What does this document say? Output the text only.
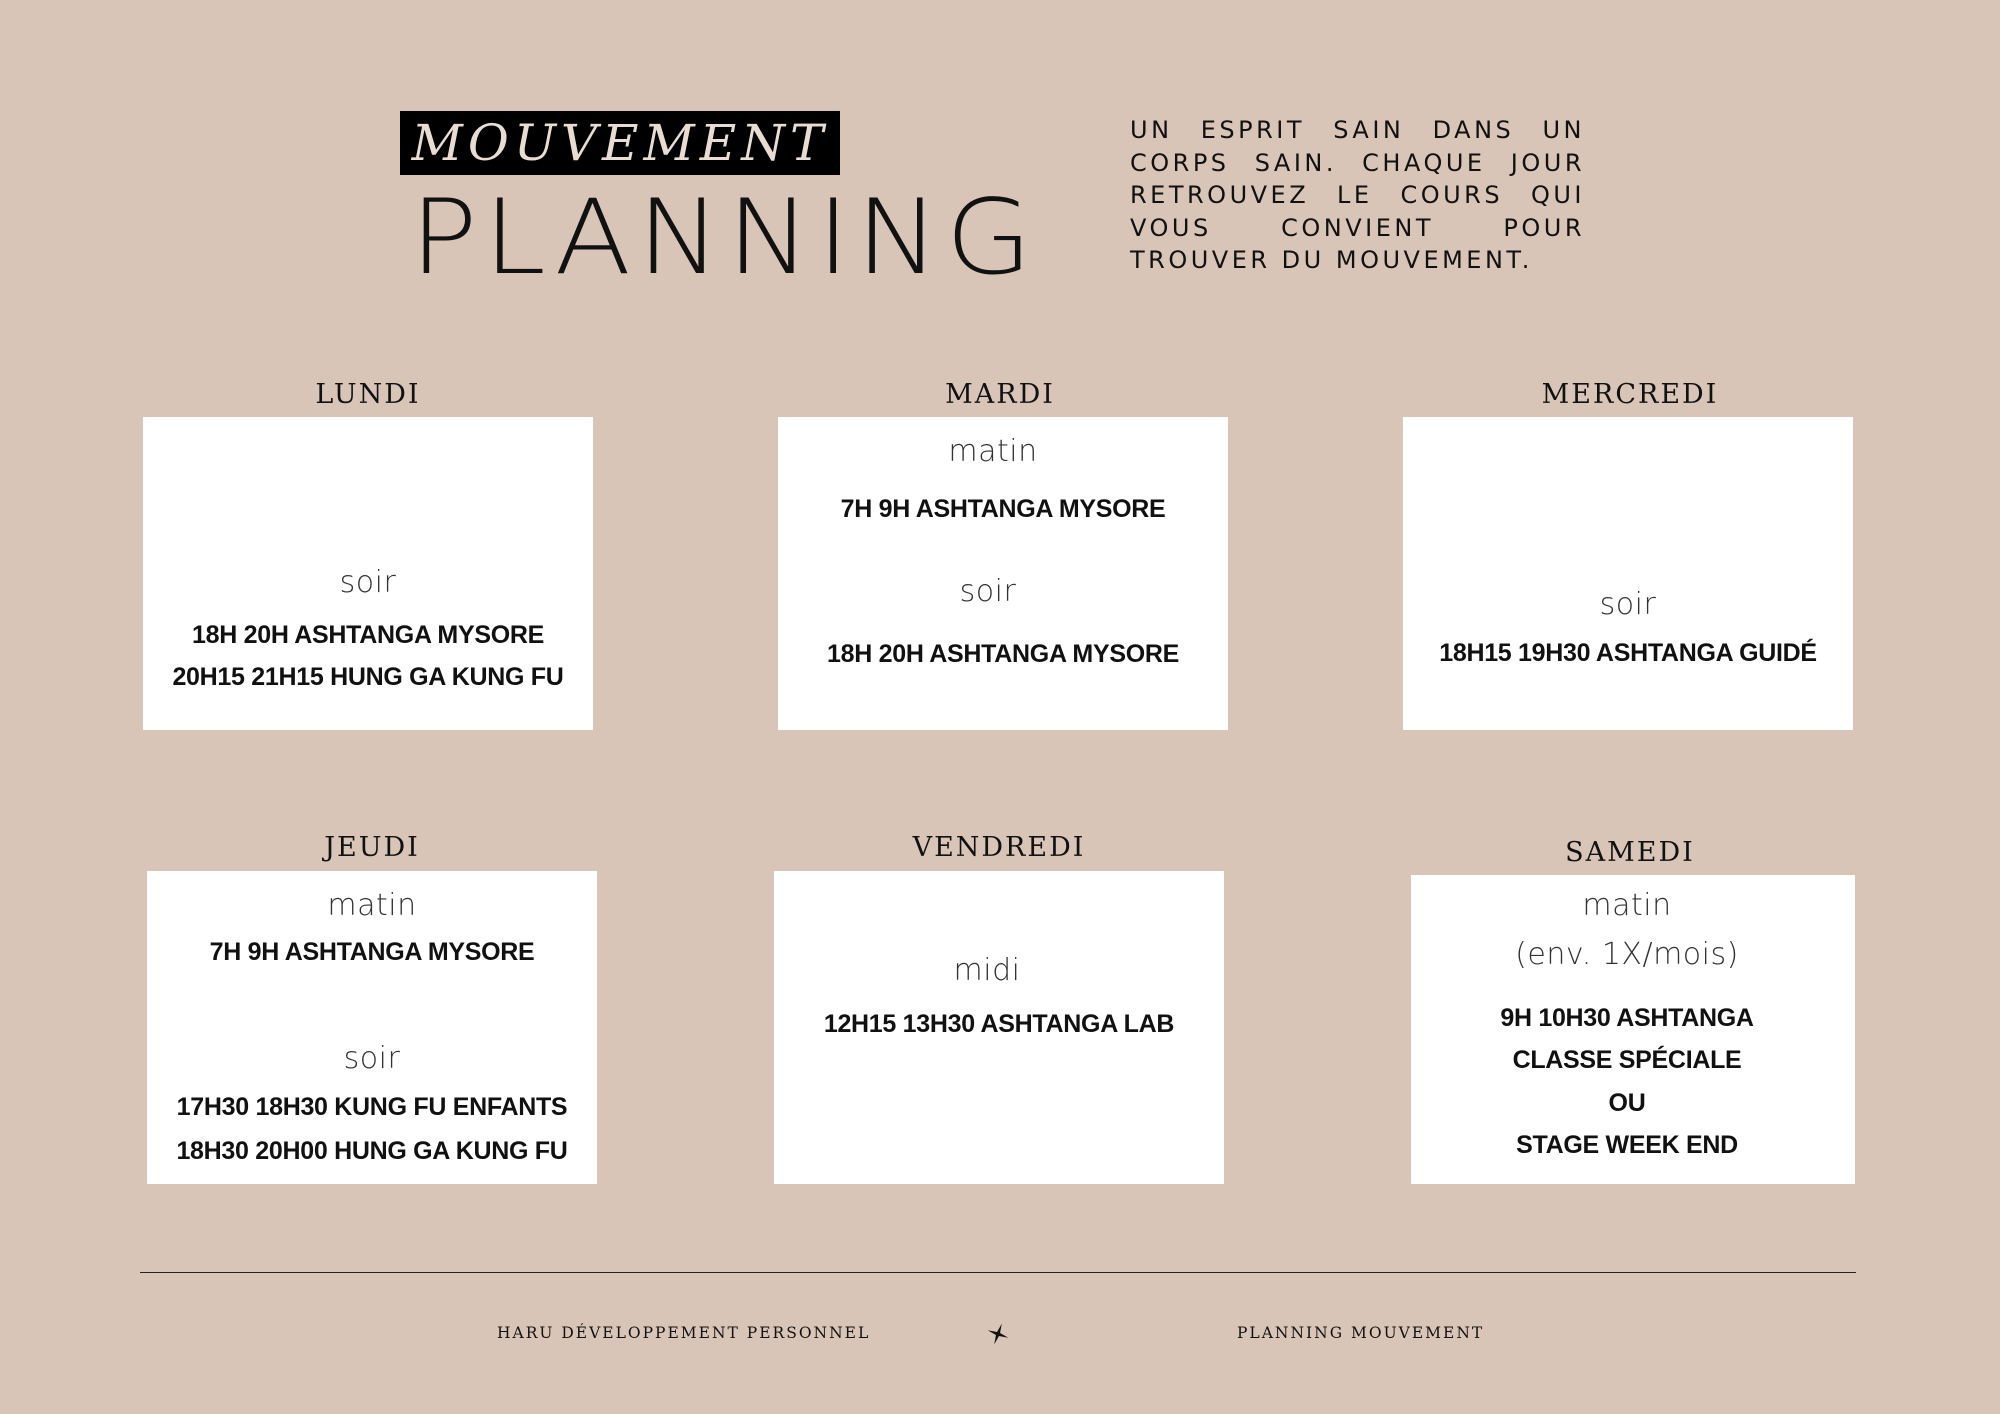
MOUVEMENT
PLANNING
UN ESPRIT SAIN DANS UN CORPS SAIN. CHAQUE JOUR RETROUVEZ LE COURS QUI VOUS CONVIENT POUR TROUVER DU MOUVEMENT.
LUNDI
soir
18H 20H ASHTANGA MYSORE
20H15 21H15 HUNG GA KUNG FU
MARDI
matin
7H 9H ASHTANGA MYSORE
soir
18H 20H ASHTANGA MYSORE
MERCREDI
soir
18H15 19H30 ASHTANGA GUIDÉ
JEUDI
matin
7H 9H ASHTANGA MYSORE
soir
17H30 18H30 KUNG FU ENFANTS
18H30 20H00 HUNG GA KUNG FU
VENDREDI
midi
12H15 13H30 ASHTANGA LAB
SAMEDI
matin
(env. 1X/mois)
9H 10H30 ASHTANGA
CLASSE SPÉCIALE
OU
STAGE WEEK END
HARU DÉVELOPPEMENT PERSONNEL	PLANNING MOUVEMENT
